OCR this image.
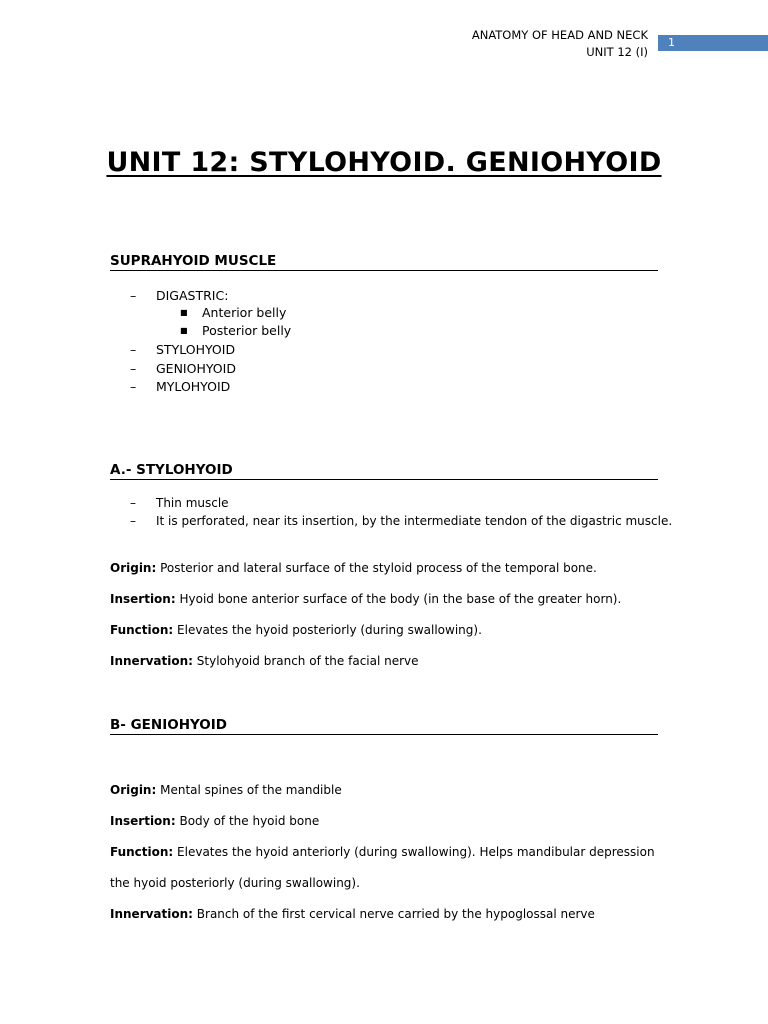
ANATOMY OF HEAD AND NECK
UNIT 12 (I)
1
UNIT 12: STYLOHYOID. GENIOHYOID
SUPRAHYOID MUSCLE
–	DIGASTRIC:
■	Anterior belly
■	Posterior belly
–	STYLOHYOID
–	GENIOHYOID
–	MYLOHYOID
A.- STYLOHYOID
–	Thin muscle
–	It is perforated, near its insertion, by the intermediate tendon of the digastric muscle.
Origin: Posterior and lateral surface of the styloid process of the temporal bone.
Insertion: Hyoid bone anterior surface of the body (in the base of the greater horn).
Function: Elevates the hyoid posteriorly (during swallowing).
Innervation: Stylohyoid branch of the facial nerve
B- GENIOHYOID
Origin: Mental spines of the mandible
Insertion: Body of the hyoid bone
Function: Elevates the hyoid anteriorly (during swallowing). Helps mandibular depression
the hyoid posteriorly (during swallowing).
Innervation: Branch of the first cervical nerve carried by the hypoglossal nerve
